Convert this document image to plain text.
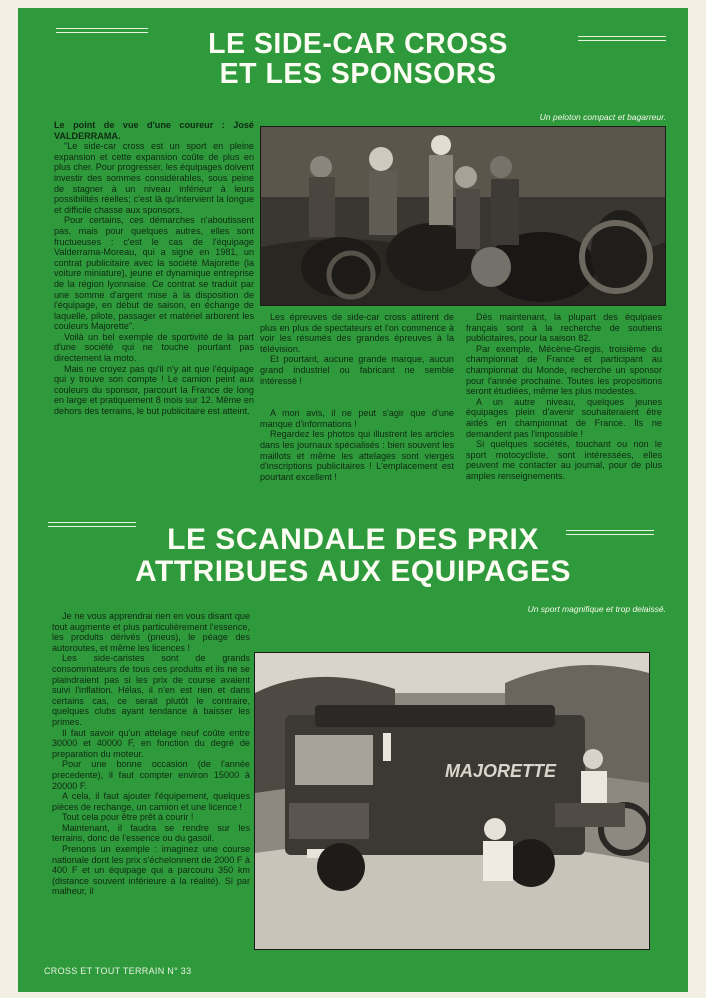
LE SIDE-CAR CROSS
ET LES SPONSORS
Un peloton compact et bagarreur.

Le point de vue d'une coureur : José VALDERRAMA.

"Le side-car cross est un sport en pleine expansion et cette expansion coûte de plus en plus cher. Pour progresser, les équipages doivent investir des sommes considérables, sous peine de stagner à un niveau inférieur à leurs possibilités réelles; c'est là qu'intervient la longue et difficile chasse aux sponsors.

Pour certains, ces démarches n'aboutissent pas, mais pour quelques autres, elles sont fructueuses : c'est le cas de l'équipage Valderrama-Moreau, qui a signé en 1981, un contrat publicitaire avec la société Majorette (la voiture miniature), jeune et dynamique entreprise de la région lyonnaise. Ce contrat se traduit par une somme d'argent mise à la disposition de l'équipage, en début de saison, en échange de laquelle, pilote, passager et matériel arborent les couleurs Majorette".

Voilà un bel exemple de sportivité de la part d'une société qui ne touche pourtant pas directement la moto.

Mais ne croyez pas qu'il n'y ait que l'équipage qui y trouve son compte ! Le camion peint aux couleurs du sponsor, parcourt la France de long en large et pratiquement 8 mois sur 12. Même en dehors des terrains, le but publicitaire est atteint.

Les épreuves de side-car cross attirent de plus en plus de spectateurs et l'on commence à voir les résumés des grandes épreuves à la télévision.

Et pourtant, aucune grande marque, aucun grand industriel ou fabricant ne semble intéressé !

A mon avis, il ne peut s'agir que d'une manque d'informations !

Regardez les photos qui illustrent les articles dans les journaux spécialisés : bien souvent les maillots et même les attelages sont vierges d'inscriptions publicitaires ! L'emplacement est pourtant excellent !

Dès maintenant, la plupart des équipaes français sont à la recherche de soutiens publicitaires, pour la saison 82.

Par exemple, Mécène-Gregis, troisième du championnat de France et participant au championnat du Monde, recherche un sponsor pour l'année prochaine. Toutes les propositions seront étudiées, même les plus modestes.

A un autre niveau, quelques jeunes équipages plein d'avenir souhaiteraient être aidés en championnat de France. Ils ne demandent pas l'impossible !

Si quelques sociétés, touchant ou non le sport motocycliste, sont intéressées, elles peuvent me contacter au journal, pour de plus amples renseignements.

LE SCANDALE DES PRIX
ATTRIBUES AUX EQUIPAGES
Un sport magnifique et trop delaissé.

Je ne vous apprendrai rien en vous disant que tout augmente et plus particulièrement l'essence, les produits dérivés (pneus), le péage des autoroutes, et même les licences !

Les side-caristes sont de grands consommateurs de tous ces produits et ils ne se plaindraient pas si les prix de course avaient suivi l'inflation. Hélas, il n'en est rien et dans certains cas, ce serait plutôt le contraire, quelques clubs ayant tendance à baisser les primes.

Il faut savoir qu'un attelage neuf coûte entre 30000 et 40000 F, en fonction du degré de preparation du moteur.

Pour une bonne occasion (de l'année precedente), il faut compter environ 15000 à 20000 F.

A cela, il faut ajouter l'équipement, quelques pièces de rechange, un camion et une licence !

Tout cela pour être prêt à courir !

Maintenant, il faudra se rendre sur les terrains, donc de l'essence ou du gasoil.

Prenons un exemple : imaginez une course nationale dont les prix s'échelonnent de 2000 F à 400 F et un équipage qui a parcouru 350 km (distance souvent inférieure à la réalité). Si par malheur, il

MAJORETTE
CROSS ET TOUT TERRAIN N° 33
